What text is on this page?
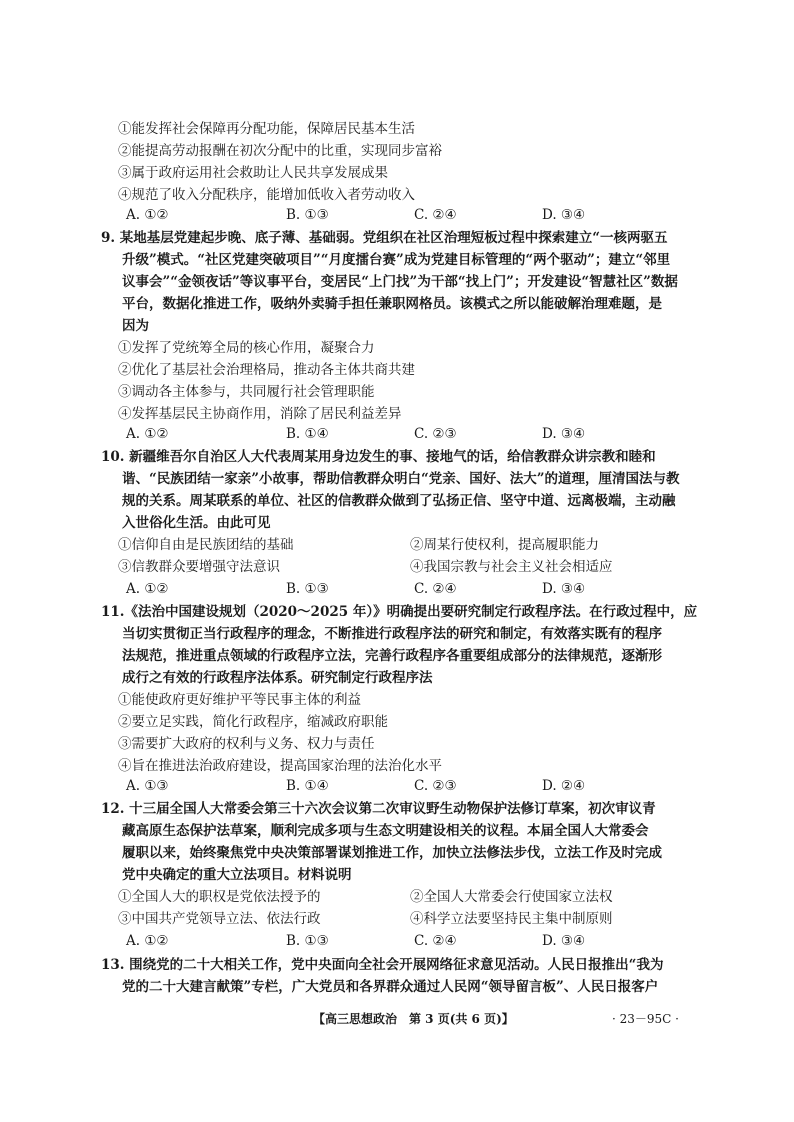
①能发挥社会保障再分配功能，保障居民基本生活
②能提高劳动报酬在初次分配中的比重，实现同步富裕
③属于政府运用社会救助让人民共享发展成果
④规范了收入分配秩序，能增加低收入者劳动收入
A. ①②	B. ①③	C. ②④	D. ③④
9. 某地基层党建起步晚、底子薄、基础弱。党组织在社区治理短板过程中探索建立“一核两驱五
升级”模式。“社区党建突破项目”“月度擂台赛”成为党建目标管理的“两个驱动”；建立“邻里
议事会”“金领夜话”等议事平台，变居民“上门找”为干部“找上门”；开发建设“智慧社区”数据
平台，数据化推进工作，吸纳外卖骑手担任兼职网格员。该模式之所以能破解治理难题，是
因为
①发挥了党统筹全局的核心作用，凝聚合力
②优化了基层社会治理格局，推动各主体共商共建
③调动各主体参与，共同履行社会管理职能
④发挥基层民主协商作用，消除了居民利益差异
A. ①②	B. ①④	C. ②③	D. ③④
10. 新疆维吾尔自治区人大代表周某用身边发生的事、接地气的话，给信教群众讲宗教和睦和
谐、“民族团结一家亲”小故事，帮助信教群众明白“党亲、国好、法大”的道理，厘清国法与教
规的关系。周某联系的单位、社区的信教群众做到了弘扬正信、坚守中道、远离极端，主动融
入世俗化生活。由此可见
①信仰自由是民族团结的基础	②周某行使权利，提高履职能力
③信教群众要增强守法意识	④我国宗教与社会主义社会相适应
A. ①②	B. ①③	C. ②④	D. ③④
11.《法治中国建设规划（2020～2025 年）》明确提出要研究制定行政程序法。在行政过程中，应
当切实贯彻正当行政程序的理念，不断推进行政程序法的研究和制定，有效落实既有的程序
法规范，推进重点领域的行政程序立法，完善行政程序各重要组成部分的法律规范，逐渐形
成行之有效的行政程序法体系。研究制定行政程序法
①能使政府更好维护平等民事主体的利益
②要立足实践，简化行政程序，缩减政府职能
③需要扩大政府的权利与义务、权力与责任
④旨在推进法治政府建设，提高国家治理的法治化水平
A. ①③	B. ①④	C. ②③	D. ②④
12. 十三届全国人大常委会第三十六次会议第二次审议野生动物保护法修订草案，初次审议青
藏高原生态保护法草案，顺利完成多项与生态文明建设相关的议程。本届全国人大常委会
履职以来，始终聚焦党中央决策部署谋划推进工作，加快立法修法步伐，立法工作及时完成
党中央确定的重大立法项目。材料说明
①全国人大的职权是党依法授予的	②全国人大常委会行使国家立法权
③中国共产党领导立法、依法行政	④科学立法要坚持民主集中制原则
A. ①②	B. ①③	C. ②④	D. ③④
13. 围绕党的二十大相关工作，党中央面向全社会开展网络征求意见活动。人民日报推出“我为
党的二十大建言献策”专栏，广大党员和各界群众通过人民网“领导留言板”、人民日报客户
【高三思想政治　第 3 页(共 6 页)】	· 23－95C ·
